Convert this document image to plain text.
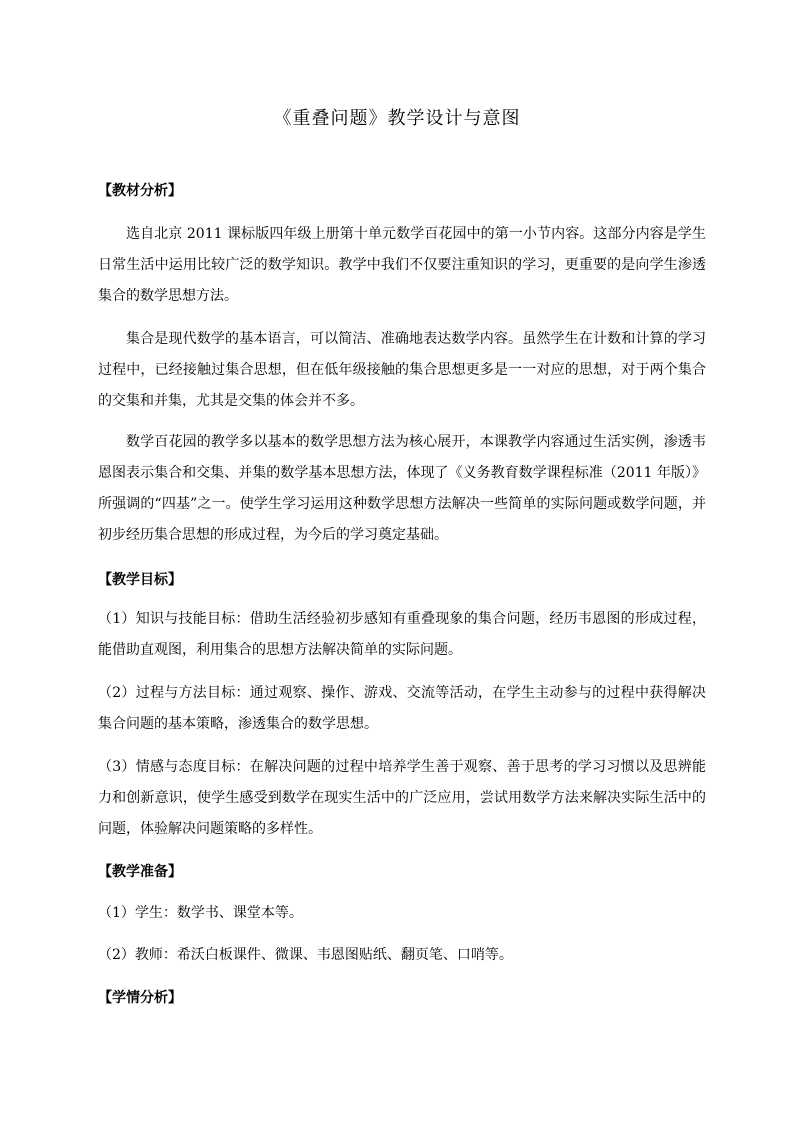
《重叠问题》教学设计与意图
【教材分析】
选自北京 2011 课标版四年级上册第十单元数学百花园中的第一小节内容。这部分内容是学生日常生活中运用比较广泛的数学知识。教学中我们不仅要注重知识的学习，更重要的是向学生渗透集合的数学思想方法。
集合是现代数学的基本语言，可以简洁、准确地表达数学内容。虽然学生在计数和计算的学习过程中，已经接触过集合思想，但在低年级接触的集合思想更多是一一对应的思想，对于两个集合的交集和并集，尤其是交集的体会并不多。
数学百花园的教学多以基本的数学思想方法为核心展开，本课教学内容通过生活实例，渗透韦恩图表示集合和交集、并集的数学基本思想方法，体现了《义务教育数学课程标准（2011 年版）》所强调的“四基”之一。使学生学习运用这种数学思想方法解决一些简单的实际问题或数学问题，并初步经历集合思想的形成过程，为今后的学习奠定基础。
【教学目标】
（1）知识与技能目标：借助生活经验初步感知有重叠现象的集合问题，经历韦恩图的形成过程，能借助直观图，利用集合的思想方法解决简单的实际问题。
（2）过程与方法目标：通过观察、操作、游戏、交流等活动，在学生主动参与的过程中获得解决集合问题的基本策略，渗透集合的数学思想。
（3）情感与态度目标：在解决问题的过程中培养学生善于观察、善于思考的学习习惯以及思辨能力和创新意识，使学生感受到数学在现实生活中的广泛应用，尝试用数学方法来解决实际生活中的问题，体验解决问题策略的多样性。
【教学准备】
（1）学生：数学书、课堂本等。
（2）教师：希沃白板课件、微课、韦恩图贴纸、翻页笔、口哨等。
【学情分析】
